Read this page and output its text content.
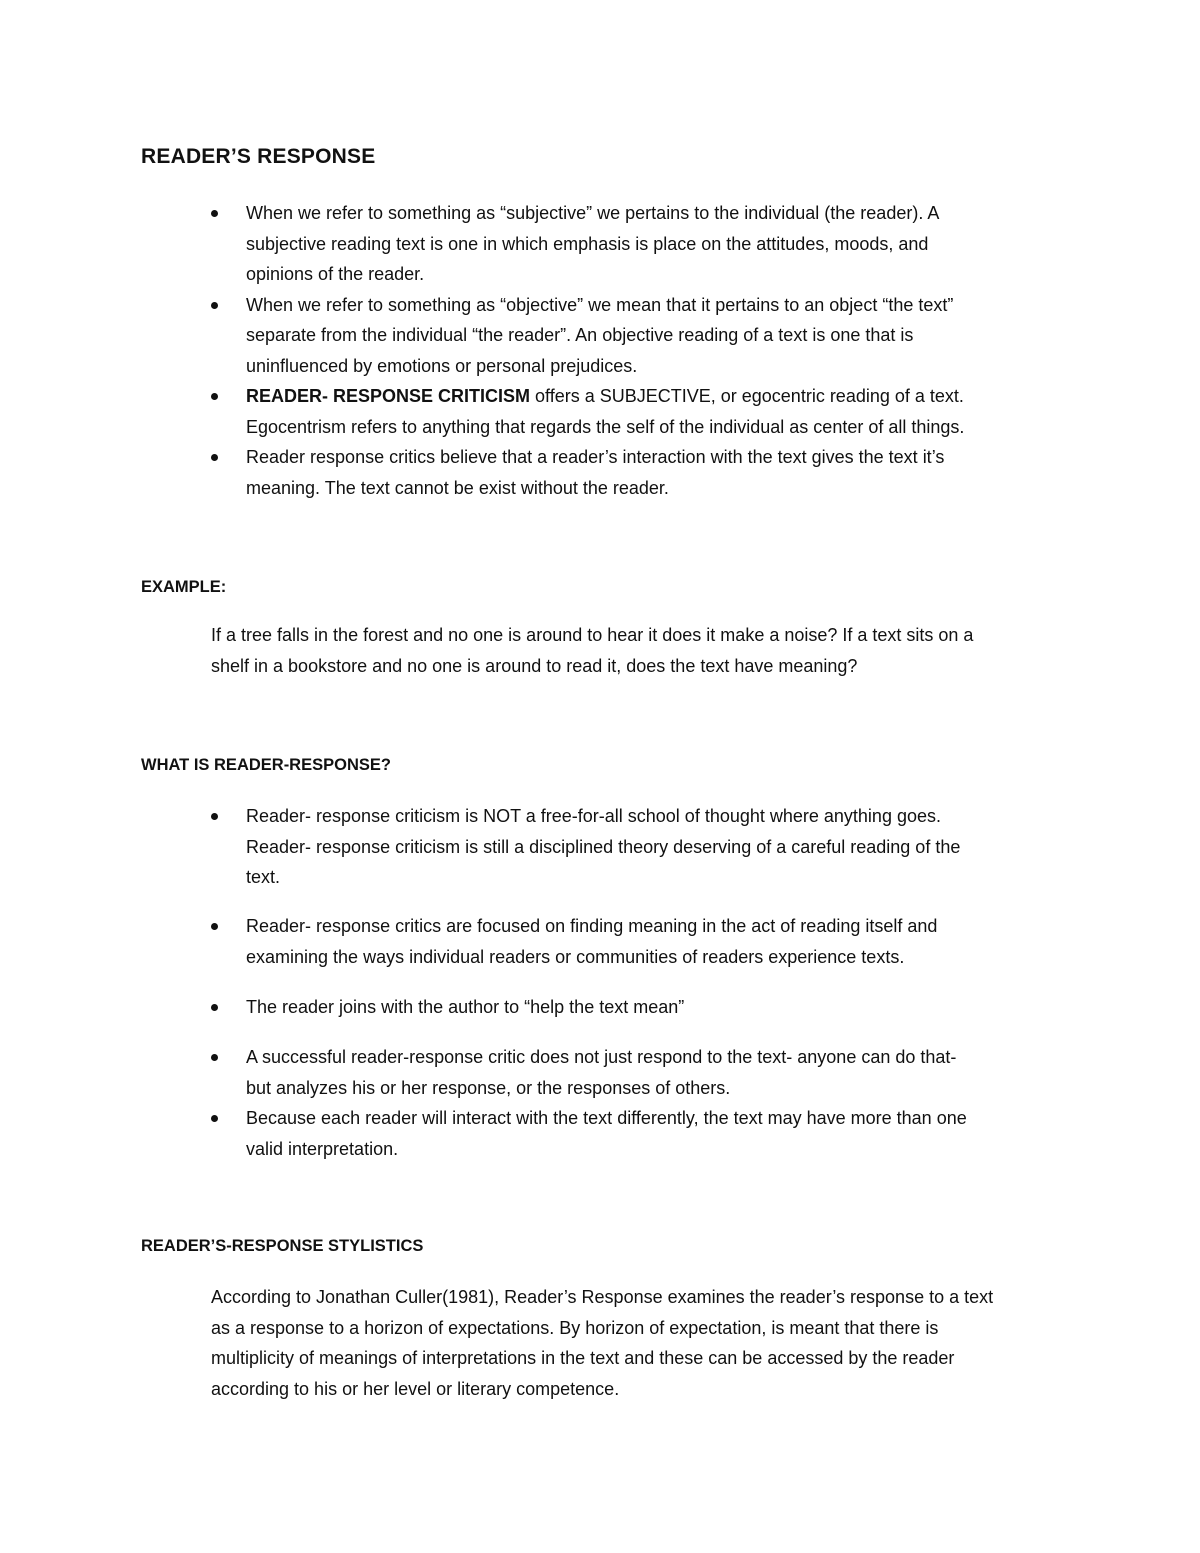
READER’S RESPONSE
When we refer to something as “subjective” we pertains to the individual (the reader). A
subjective reading text is one in which emphasis is place on the attitudes, moods, and
opinions of the reader.
When we refer to something as “objective” we mean that it pertains to an object “the text”
separate from the individual “the reader”. An objective reading of a text is one that is
uninfluenced by emotions or personal prejudices.
READER- RESPONSE CRITICISM offers a SUBJECTIVE, or egocentric reading of a text.
Egocentrism refers to anything that regards the self of the individual as center of all things.
Reader response critics believe that a reader’s interaction with the text gives the text it’s
meaning. The text cannot be exist without the reader.
EXAMPLE:

If a tree falls in the forest and no one is around to hear it does it make a noise? If a text sits on a
shelf in a bookstore and no one is around to read it, does the text have meaning?

WHAT IS READER-RESPONSE?
Reader- response criticism is NOT a free-for-all school of thought where anything goes.
Reader- response criticism is still a disciplined theory deserving of a careful reading of the
text.
Reader- response critics are focused on finding meaning in the act of reading itself and
examining the ways individual readers or communities of readers experience texts.
The reader joins with the author to “help the text mean”
A successful reader-response critic does not just respond to the text- anyone can do that-
but analyzes his or her response, or the responses of others.
Because each reader will interact with the text differently, the text may have more than one
valid interpretation.
READER’S-RESPONSE STYLISTICS

According to Jonathan Culler(1981), Reader’s Response examines the reader’s response to a text
as a response to a horizon of expectations. By horizon of expectation, is meant that there is
multiplicity of meanings of interpretations in the text and these can be accessed by the reader
according to his or her level or literary competence.
